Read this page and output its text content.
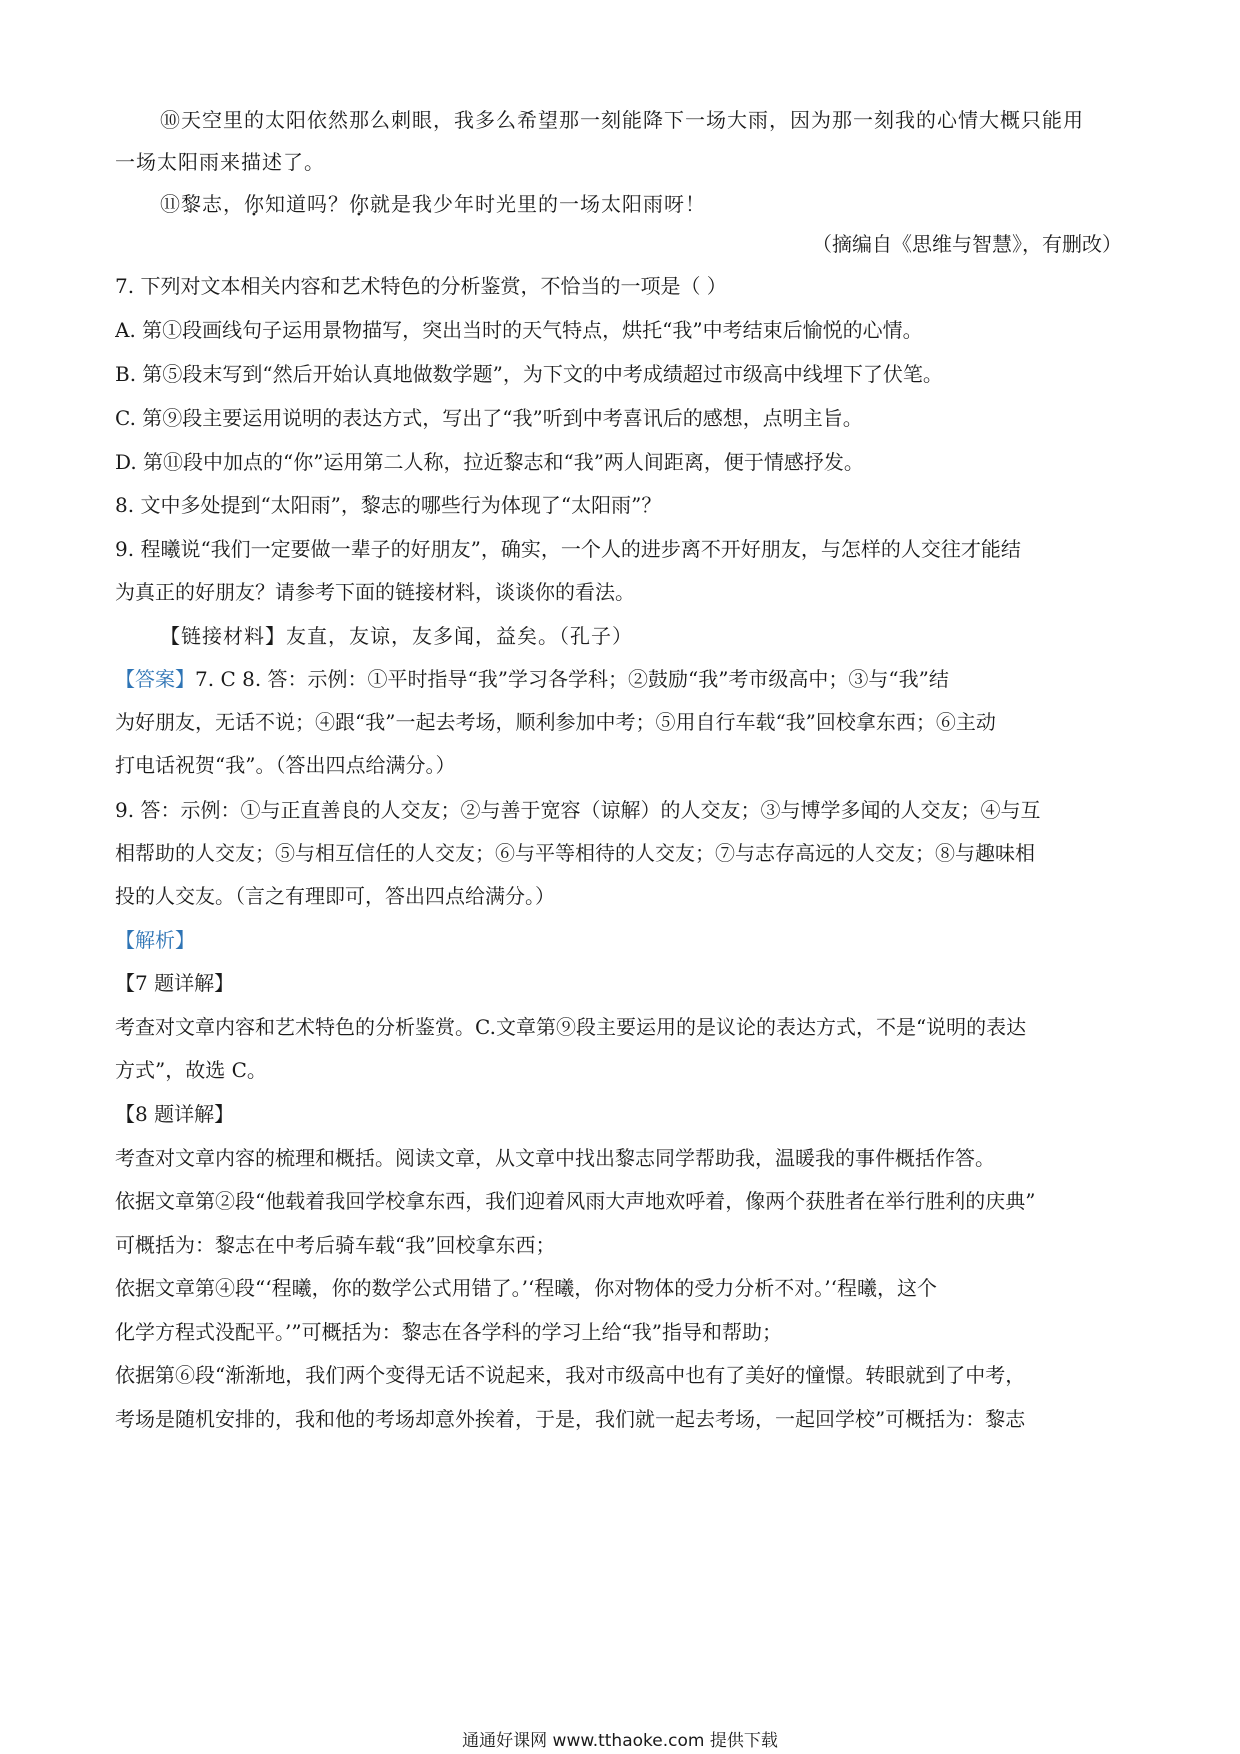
⑩天空里的太阳依然那么刺眼，我多么希望那一刻能降下一场大雨，因为那一刻我的心情大概只能用
一场太阳雨来描述了。
⑪黎志，你知道吗？你就是我少年时光里的一场太阳雨呀！
（摘编自《思维与智慧》，有删改）
7. 下列对文本相关内容和艺术特色的分析鉴赏，不恰当的一项是（ ）
A. 第①段画线句子运用景物描写，突出当时的天气特点，烘托“我”中考结束后愉悦的心情。
B. 第⑤段末写到“然后开始认真地做数学题”，为下文的中考成绩超过市级高中线埋下了伏笔。
C. 第⑨段主要运用说明的表达方式，写出了“我”听到中考喜讯后的感想，点明主旨。
D. 第⑪段中加点的“你”运用第二人称，拉近黎志和“我”两人间距离，便于情感抒发。
8. 文中多处提到“太阳雨”，黎志的哪些行为体现了“太阳雨”？
9. 程曦说“我们一定要做一辈子的好朋友”，确实，一个人的进步离不开好朋友，与怎样的人交往才能结
为真正的好朋友？请参考下面的链接材料，谈谈你的看法。
【链接材料】友直，友谅，友多闻，益矣。（孔子）
【答案】7. C 8. 答：示例：①平时指导“我”学习各学科；②鼓励“我”考市级高中；③与“我”结
为好朋友，无话不说；④跟“我”一起去考场，顺利参加中考；⑤用自行车载“我”回校拿东西；⑥主动
打电话祝贺“我”。（答出四点给满分。）
9. 答：示例：①与正直善良的人交友；②与善于宽容（谅解）的人交友；③与博学多闻的人交友；④与互
相帮助的人交友；⑤与相互信任的人交友；⑥与平等相待的人交友；⑦与志存高远的人交友；⑧与趣味相
投的人交友。（言之有理即可，答出四点给满分。）
【解析】
【7 题详解】
考查对文章内容和艺术特色的分析鉴赏。C.文章第⑨段主要运用的是议论的表达方式，不是“说明的表达
方式”，故选 C。
【8 题详解】
考查对文章内容的梳理和概括。阅读文章，从文章中找出黎志同学帮助我，温暖我的事件概括作答。
依据文章第②段“他载着我回学校拿东西，我们迎着风雨大声地欢呼着，像两个获胜者在举行胜利的庆典”
可概括为：黎志在中考后骑车载“我”回校拿东西；
依据文章第④段“‘程曦，你的数学公式用错了。’‘程曦，你对物体的受力分析不对。’‘程曦，这个
化学方程式没配平。’”可概括为：黎志在各学科的学习上给“我”指导和帮助；
依据第⑥段“渐渐地，我们两个变得无话不说起来，我对市级高中也有了美好的憧憬。转眼就到了中考，
考场是随机安排的，我和他的考场却意外挨着，于是，我们就一起去考场，一起回学校”可概括为：黎志
通通好课网 www.tthaoke.com 提供下载
